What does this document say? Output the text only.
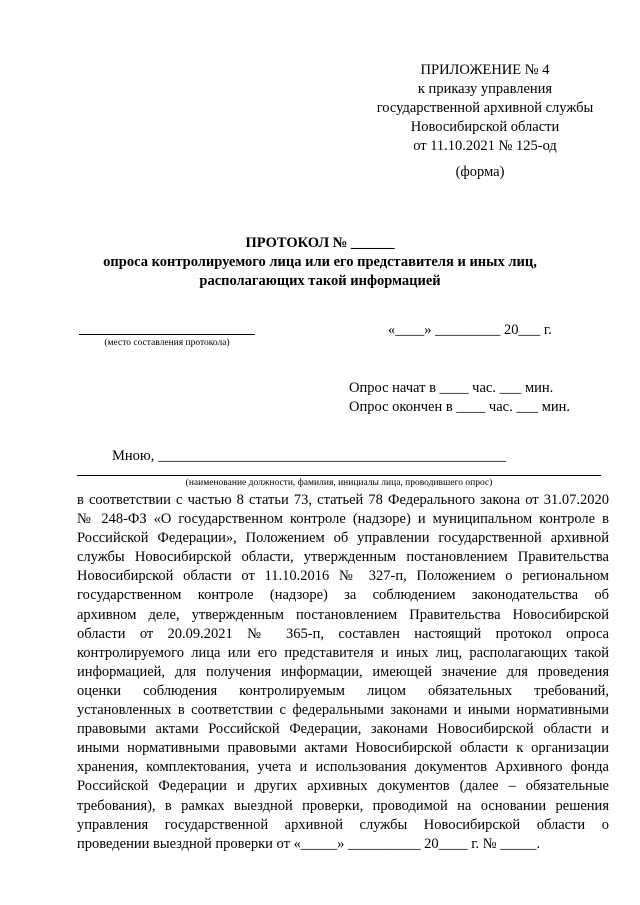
ПРИЛОЖЕНИЕ № 4
к приказу управления
государственной архивной службы
Новосибирской области
от 11.10.2021 № 125-од
(форма)
ПРОТОКОЛ № ______
опроса контролируемого лица или его представителя и иных лиц,
располагающих такой информацией
(место составления протокола)
«____» _________ 20___ г.
Опрос начат в ____ час. ___ мин.
Опрос окончен в ____ час. ___ мин.
Мною, ________________________________________________
(наименование должности, фамилия, инициалы лица, проводившего опрос)
в соответствии с частью 8 статьи 73, статьей 78 Федерального закона от 31.07.2020
№ 248-ФЗ «О государственном контроле (надзоре) и муниципальном контроле в
Российской Федерации», Положением об управлении государственной архивной
службы Новосибирской области, утвержденным постановлением Правительства
Новосибирской области от 11.10.2016 № 327-п, Положением о региональном
государственном контроле (надзоре) за соблюдением законодательства об
архивном деле, утвержденным постановлением Правительства Новосибирской
области от 20.09.2021 № 365-п, составлен настоящий протокол опроса
контролируемого лица или его представителя и иных лиц, располагающих такой
информацией, для получения информации, имеющей значение для проведения
оценки соблюдения контролируемым лицом обязательных требований,
установленных в соответствии с федеральными законами и иными нормативными
правовыми актами Российской Федерации, законами Новосибирской области и
иными нормативными правовыми актами Новосибирской области к организации
хранения, комплектования, учета и использования документов Архивного фонда
Российской Федерации и других архивных документов (далее – обязательные
требования), в рамках выездной проверки, проводимой на основании решения
управления государственной архивной службы Новосибирской области о
проведении выездной проверки от «_____» __________ 20____ г. № _____.
